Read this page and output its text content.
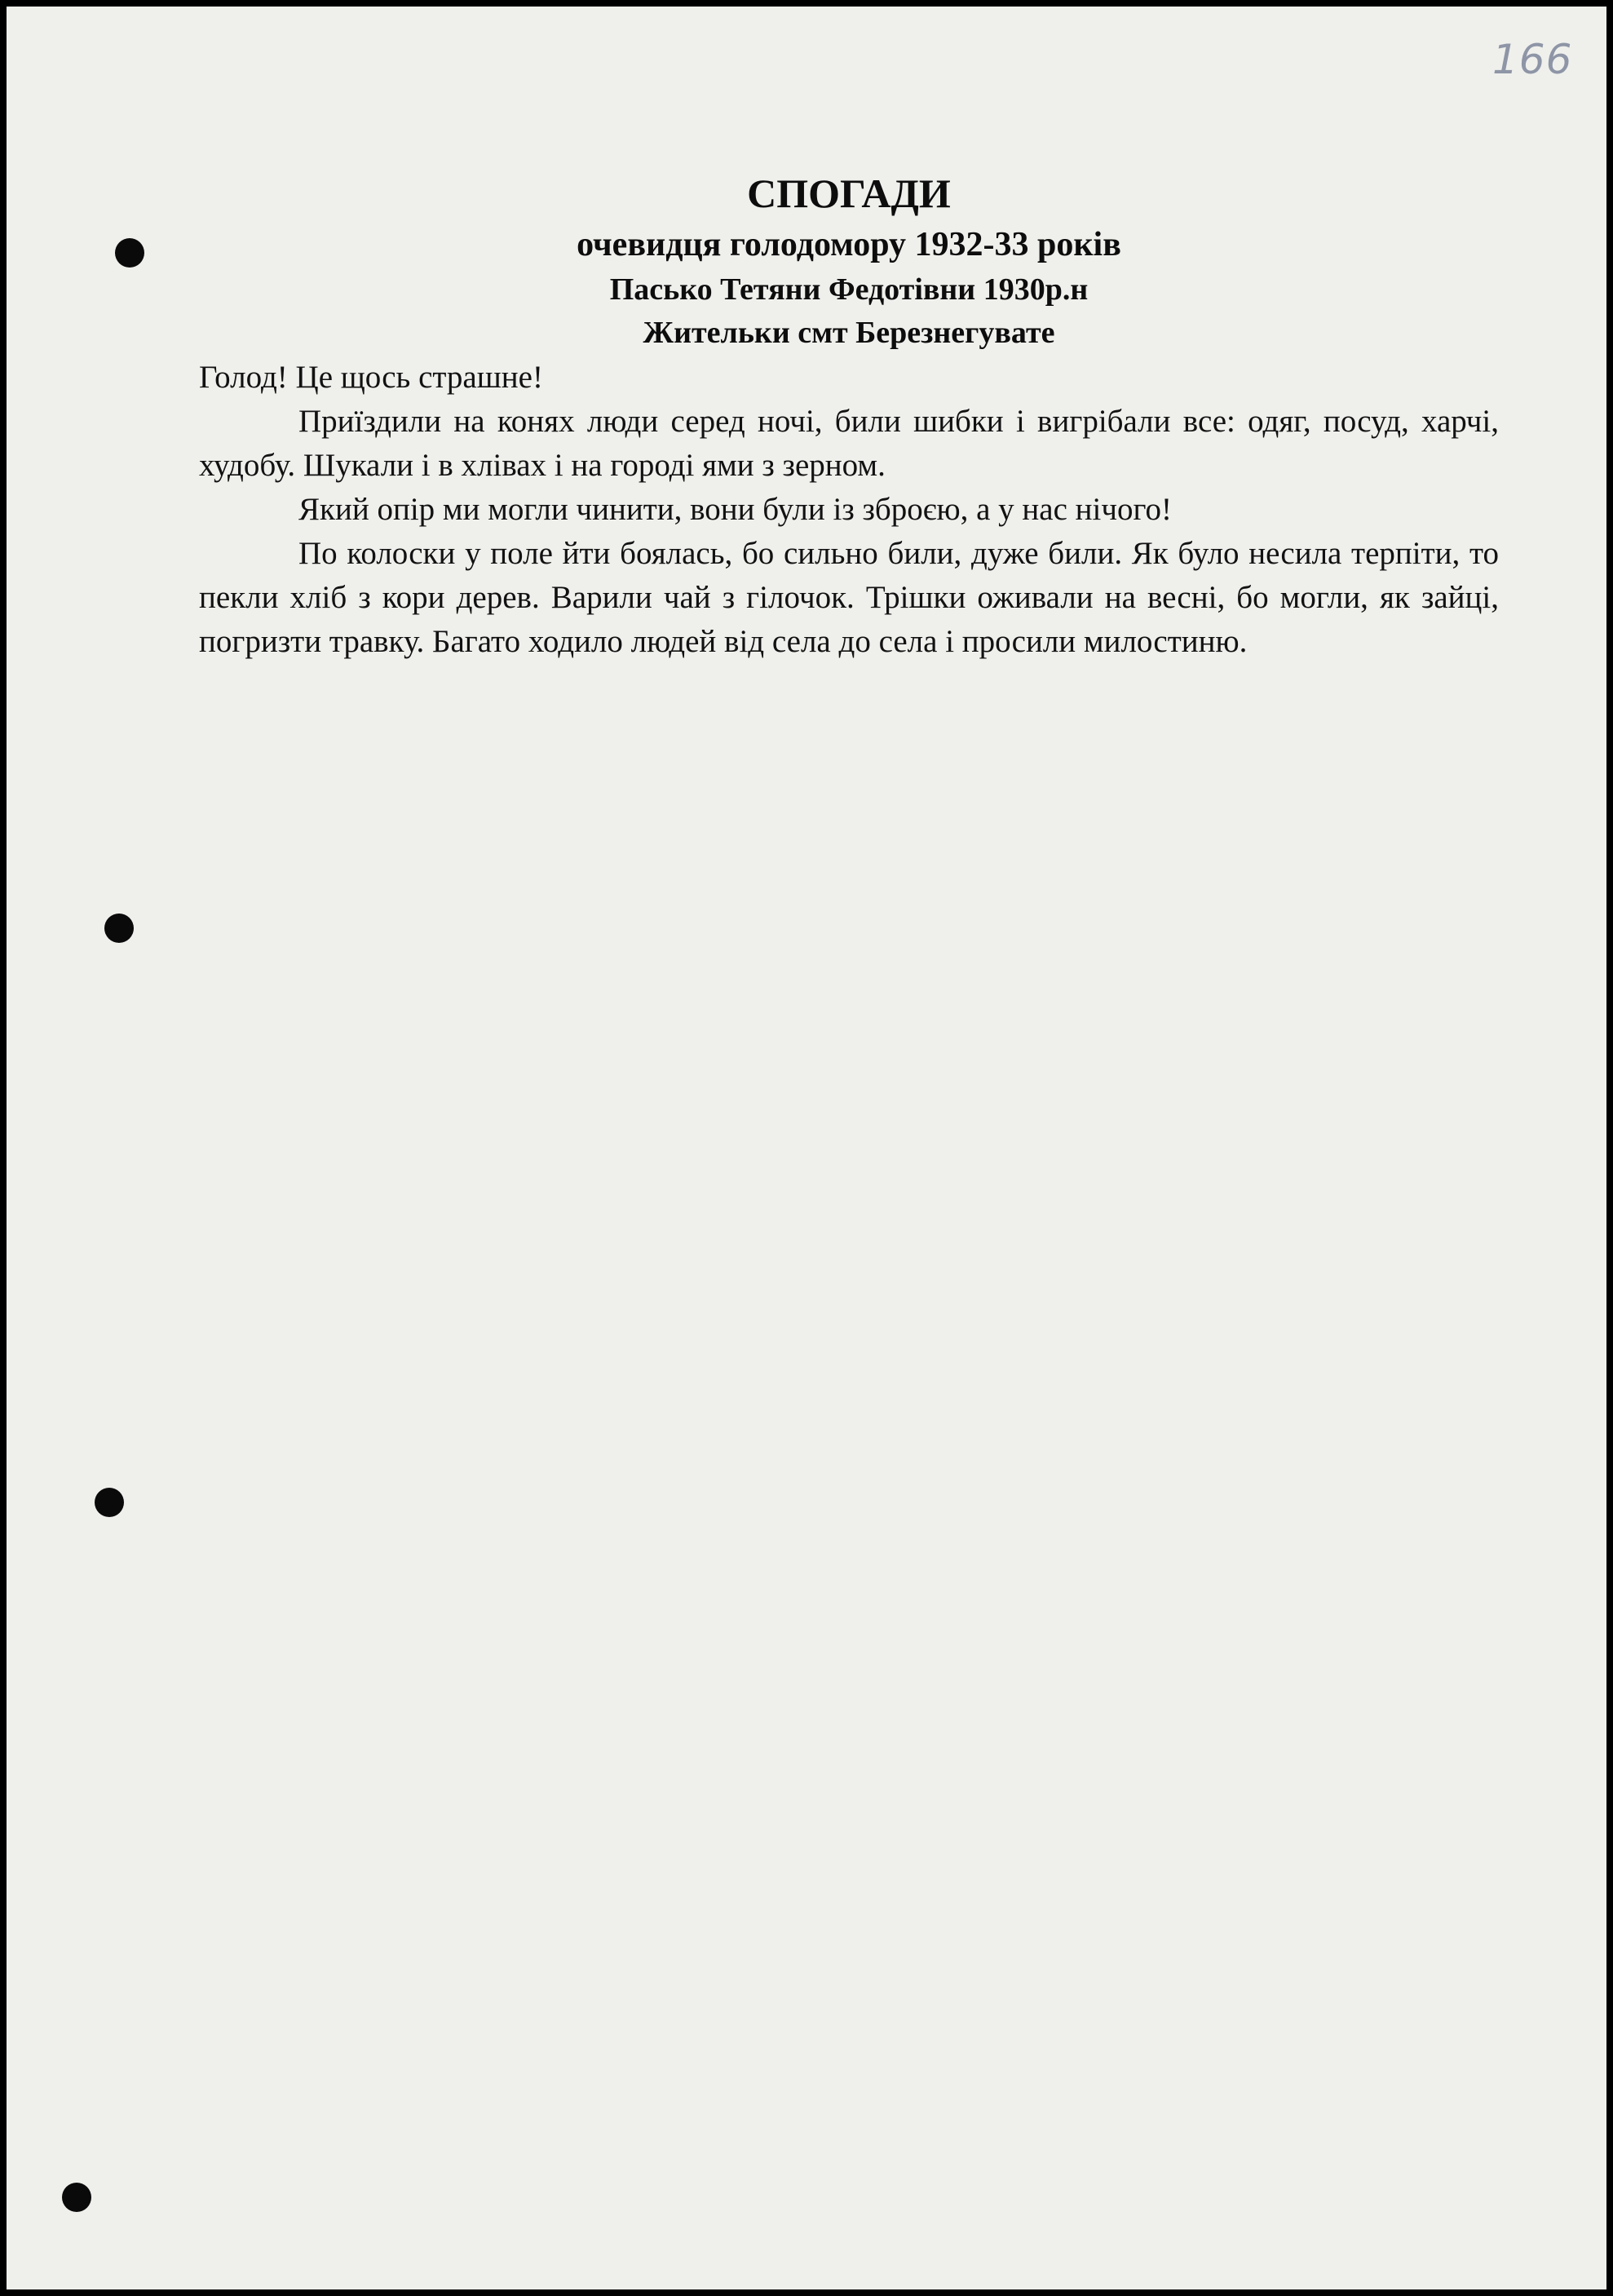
166
СПОГАДИ
очевидця голодомору 1932-33 років
Пасько Тетяни Федотівни 1930р.н
Жительки смт Березнегувате

Голод! Це щось страшне!

Приїздили на конях люди серед ночі, били шибки і вигрібали все: одяг, посуд, харчі, худобу. Шукали і в хлівах і на городі ями з зерном.

Який опір ми могли чинити, вони були із зброєю, а у нас нічого!

По колоски у поле йти боялась, бо сильно били, дуже били. Як було несила терпіти, то пекли хліб з кори дерев. Варили чай з гілочок. Трішки оживали на весні, бо могли, як зайці, погризти травку. Багато ходило людей від села до села і просили милостиню.
